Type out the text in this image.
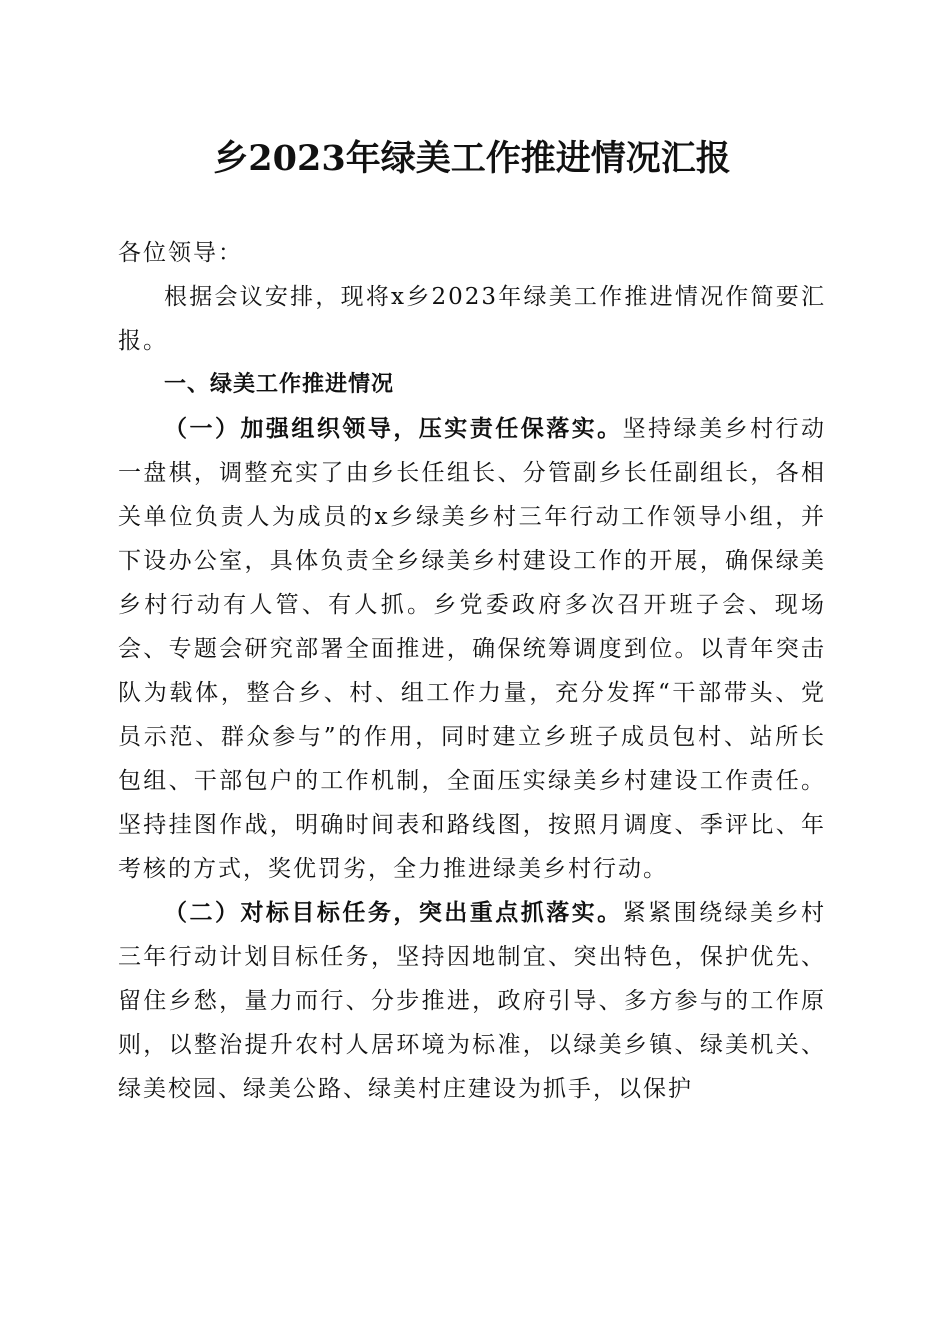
乡2023年绿美工作推进情况汇报

各位领导：

根据会议安排，现将x乡2023年绿美工作推进情况作简要汇报。

一、绿美工作推进情况

（一）加强组织领导，压实责任保落实。坚持绿美乡村行动一盘棋，调整充实了由乡长任组长、分管副乡长任副组长，各相关单位负责人为成员的x乡绿美乡村三年行动工作领导小组，并下设办公室，具体负责全乡绿美乡村建设工作的开展，确保绿美乡村行动有人管、有人抓。乡党委政府多次召开班子会、现场会、专题会研究部署全面推进，确保统筹调度到位。以青年突击队为载体，整合乡、村、组工作力量，充分发挥“干部带头、党员示范、群众参与”的作用，同时建立乡班子成员包村、站所长包组、干部包户的工作机制，全面压实绿美乡村建设工作责任。坚持挂图作战，明确时间表和路线图，按照月调度、季评比、年考核的方式，奖优罚劣，全力推进绿美乡村行动。

（二）对标目标任务，突出重点抓落实。紧紧围绕绿美乡村三年行动计划目标任务，坚持因地制宜、突出特色，保护优先、留住乡愁，量力而行、分步推进，政府引导、多方参与的工作原则，以整治提升农村人居环境为标准，以绿美乡镇、绿美机关、绿美校园、绿美公路、绿美村庄建设为抓手，以保护
